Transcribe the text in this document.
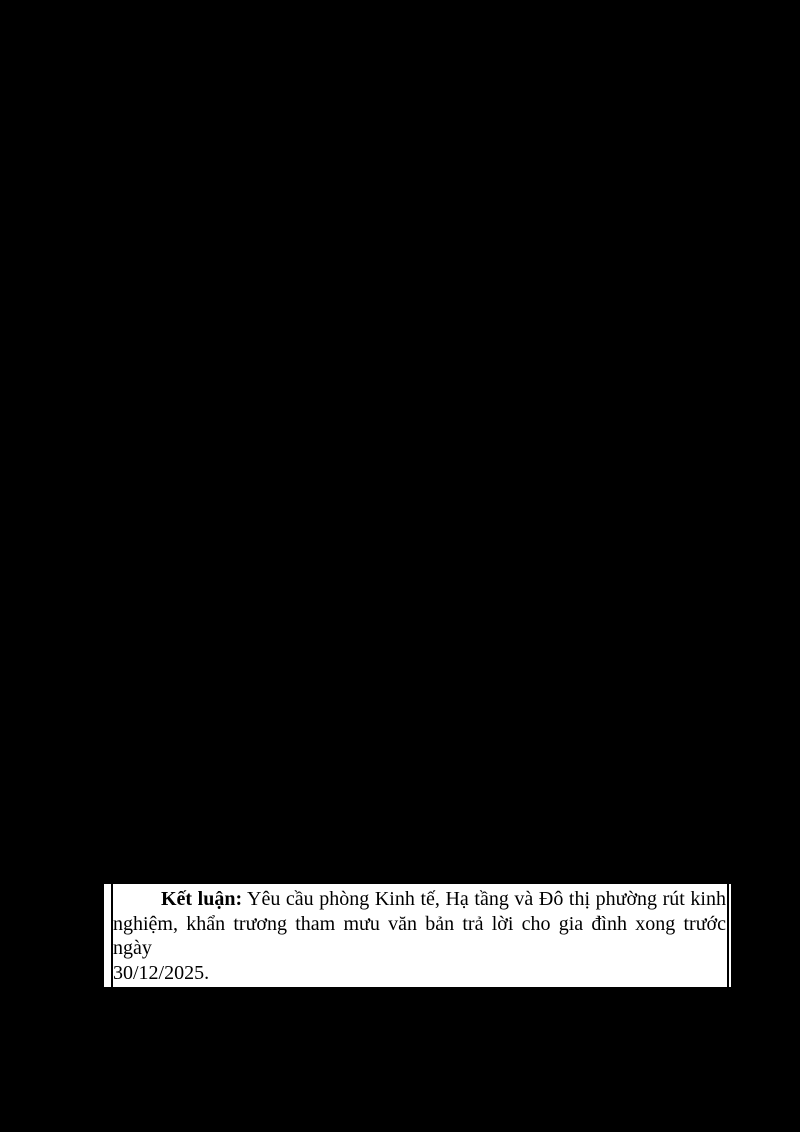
Kết luận: Yêu cầu phòng Kinh tế, Hạ tầng và Đô thị phường rút kinh
nghiệm, khẩn trương tham mưu văn bản trả lời cho gia đình xong trước ngày
30/12/2025.
